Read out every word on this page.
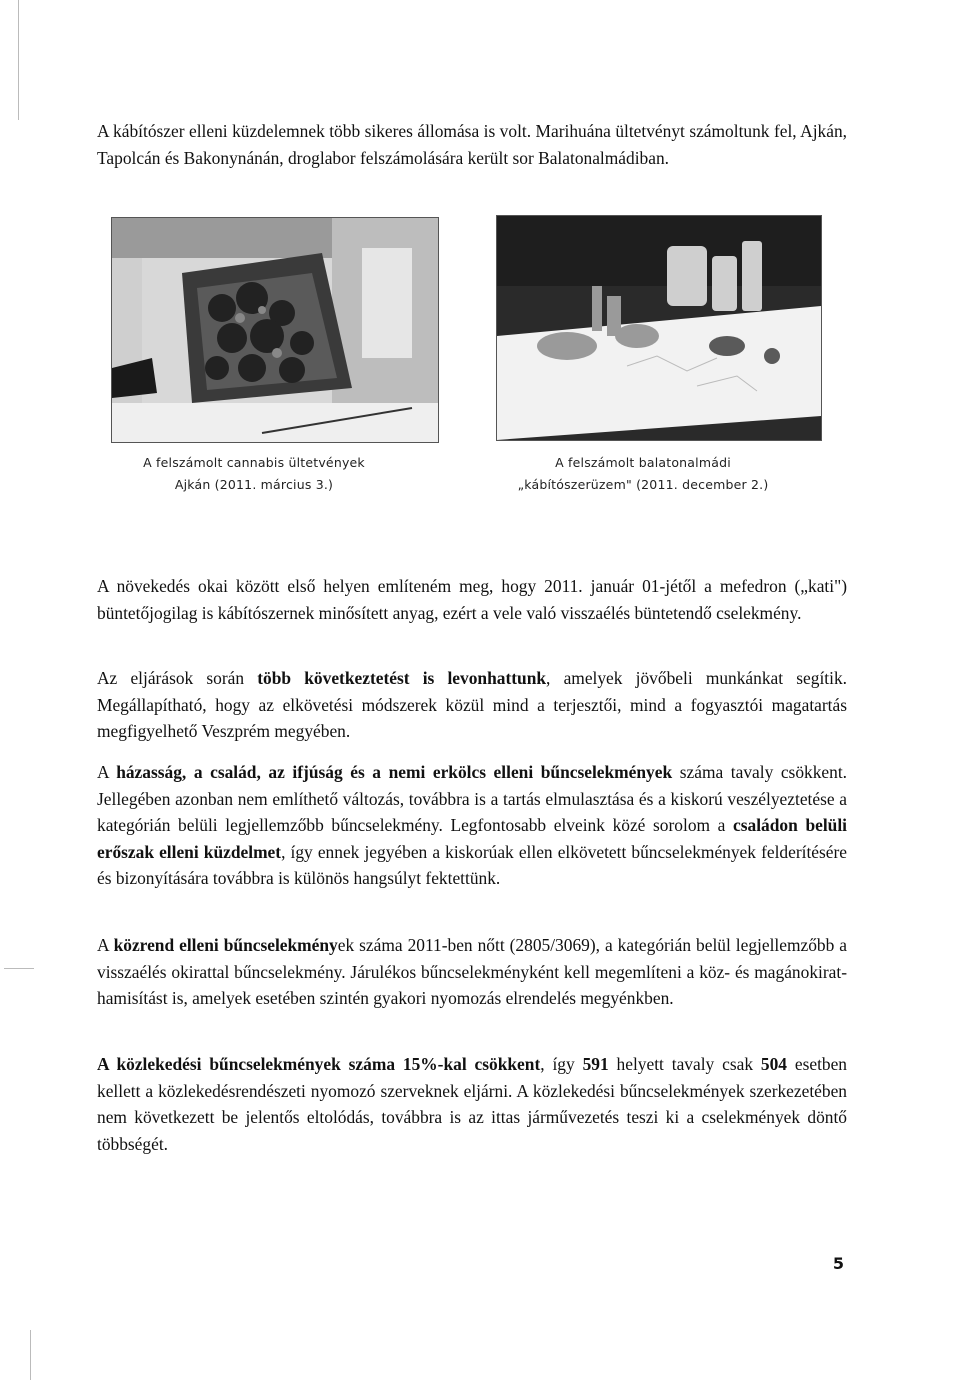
A kábítószer elleni küzdelemnek több sikeres állomása is volt. Marihuána ültetvényt számoltunk fel, Ajkán, Tapolcán és Bakonynánán, droglabor felszámolására került sor Balatonalmádiban.

A felszámolt cannabis ültetvények
Ajkán (2011. március 3.)
A felszámolt balatonalmádi
„kábítószerüzem" (2011. december 2.)

A növekedés okai között első helyen említeném meg, hogy 2011. január 01-jétől a mefedron („kati") büntetőjogilag is kábítószernek minősített anyag, ezért a vele való visszaélés büntetendő cselekmény.

Az eljárások során több következtetést is levonhattunk, amelyek jövőbeli munkánkat segítik. Megállapítható, hogy az elkövetési módszerek közül mind a terjesztői, mind a fogyasztói magatartás megfigyelhető Veszprém megyében.

A házasság, a család, az ifjúság és a nemi erkölcs elleni bűncselekmények száma tavaly csökkent. Jellegében azonban nem említhető változás, továbbra is a tartás elmulasztása és a kiskorú veszélyeztetése a kategórián belüli legjellemzőbb bűncselekmény. Legfontosabb elveink közé sorolom a családon belüli erőszak elleni küzdelmet, így ennek jegyében a kiskorúak ellen elkövetett bűncselekmények felderítésére és bizonyítására továbbra is különös hangsúlyt fektettünk.

A közrend elleni bűncselekmények száma 2011-ben nőtt (2805/3069), a kategórián belül legjellemzőbb a visszaélés okirattal bűncselekmény. Járulékos bűncselekményként kell megemlíteni a köz- és magánokirat-hamisítást is, amelyek esetében szintén gyakori nyomozás elrendelés megyénkben.

A közlekedési bűncselekmények száma 15%-kal csökkent, így 591 helyett tavaly csak 504 esetben kellett a közlekedésrendészeti nyomozó szerveknek eljárni. A közlekedési bűncselekmények szerkezetében nem következett be jelentős eltolódás, továbbra is az ittas járművezetés teszi ki a cselekmények döntő többségét.

5
